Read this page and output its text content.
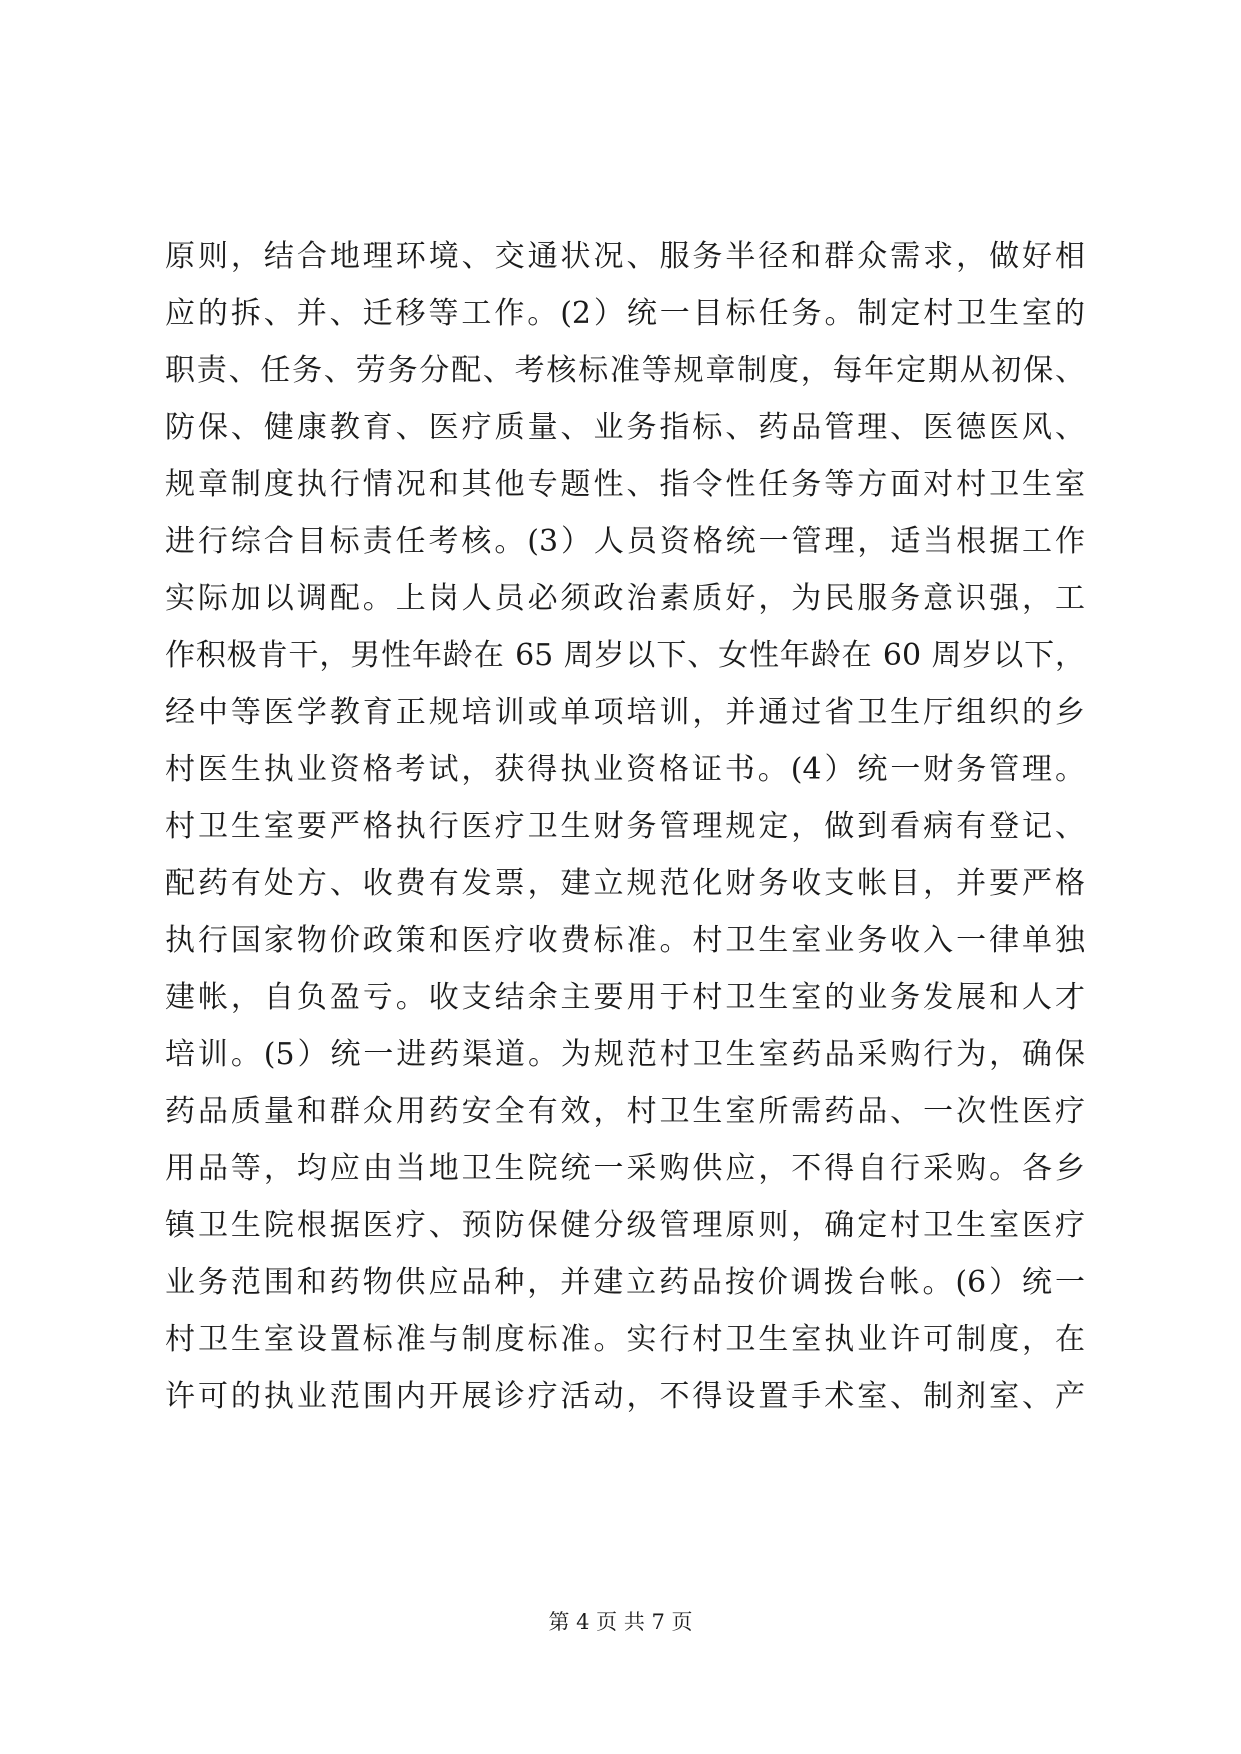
原则，结合地理环境、交通状况、服务半径和群众需求，做好相
应的拆、并、迁移等工作。(2）统一目标任务。制定村卫生室的
职责、任务、劳务分配、考核标准等规章制度，每年定期从初保、
防保、健康教育、医疗质量、业务指标、药品管理、医德医风、
规章制度执行情况和其他专题性、指令性任务等方面对村卫生室
进行综合目标责任考核。(3）人员资格统一管理，适当根据工作
实际加以调配。上岗人员必须政治素质好，为民服务意识强，工
作积极肯干，男性年龄在 65 周岁以下、女性年龄在 60 周岁以下，
经中等医学教育正规培训或单项培训，并通过省卫生厅组织的乡
村医生执业资格考试，获得执业资格证书。(4）统一财务管理。
村卫生室要严格执行医疗卫生财务管理规定，做到看病有登记、
配药有处方、收费有发票，建立规范化财务收支帐目，并要严格
执行国家物价政策和医疗收费标准。村卫生室业务收入一律单独
建帐，自负盈亏。收支结余主要用于村卫生室的业务发展和人才
培训。(5）统一进药渠道。为规范村卫生室药品采购行为，确保
药品质量和群众用药安全有效，村卫生室所需药品、一次性医疗
用品等，均应由当地卫生院统一采购供应，不得自行采购。各乡
镇卫生院根据医疗、预防保健分级管理原则，确定村卫生室医疗
业务范围和药物供应品种，并建立药品按价调拨台帐。(6）统一
村卫生室设置标准与制度标准。实行村卫生室执业许可制度，在
许可的执业范围内开展诊疗活动，不得设置手术室、制剂室、产
第 4 页 共 7 页
